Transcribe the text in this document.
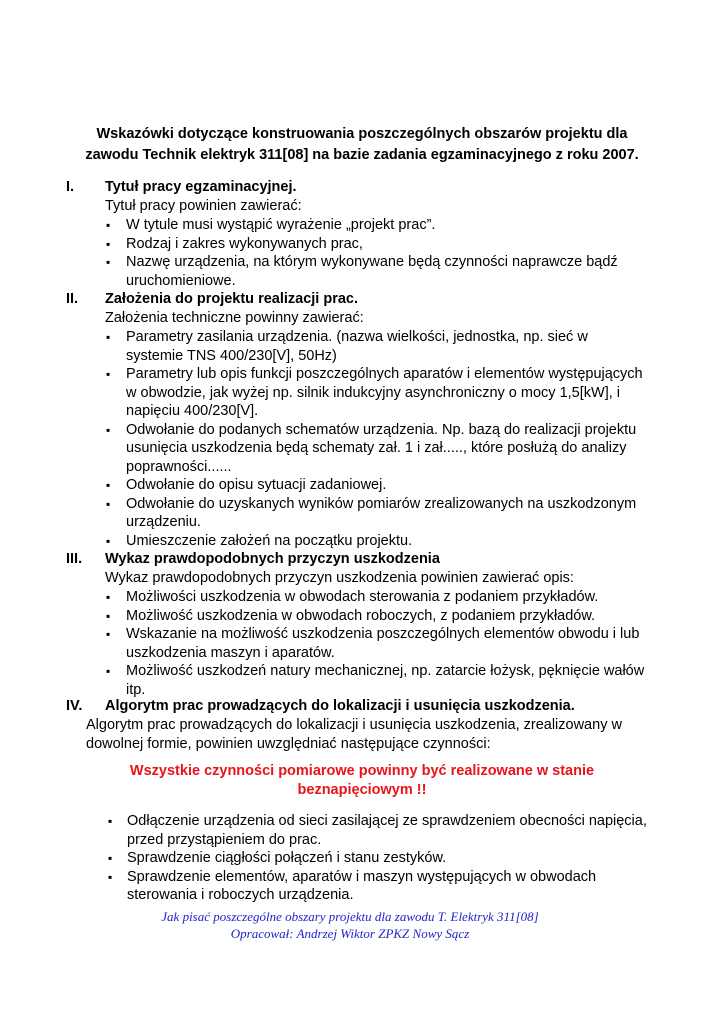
Wskazówki dotyczące konstruowania poszczególnych obszarów projektu dla
zawodu Technik elektryk 311[08] na bazie zadania egzaminacyjnego z roku 2007.
I. Tytuł pracy egzaminacyjnej.
Tytuł pracy powinien zawierać:
▪ W tytule musi wystąpić wyrażenie „projekt prac”.
▪ Rodzaj i zakres wykonywanych prac,
▪ Nazwę urządzenia, na którym wykonywane będą czynności naprawcze bądź uruchomieniowe.
II. Założenia do projektu realizacji prac.
Założenia techniczne powinny zawierać:
▪ Parametry zasilania urządzenia. (nazwa wielkości, jednostka, np. sieć w systemie TNS 400/230[V], 50Hz)
▪ Parametry lub opis funkcji poszczególnych aparatów i elementów występujących w obwodzie, jak wyżej np. silnik indukcyjny asynchroniczny o mocy 1,5[kW], i napięciu 400/230[V].
▪ Odwołanie do podanych schematów urządzenia. Np. bazą do realizacji projektu usunięcia uszkodzenia będą schematy zał. 1 i zał....., które posłużą do analizy poprawności......
▪ Odwołanie do opisu sytuacji zadaniowej.
▪ Odwołanie do uzyskanych wyników pomiarów zrealizowanych na uszkodzonym urządzeniu.
▪ Umieszczenie założeń na początku projektu.
III. Wykaz prawdopodobnych przyczyn uszkodzenia
Wykaz prawdopodobnych przyczyn uszkodzenia powinien zawierać opis:
▪ Możliwości uszkodzenia w obwodach sterowania z podaniem przykładów.
▪ Możliwość uszkodzenia w obwodach roboczych, z podaniem przykładów.
▪ Wskazanie na możliwość uszkodzenia poszczególnych elementów obwodu i lub uszkodzenia maszyn i aparatów.
▪ Możliwość uszkodzeń natury mechanicznej, np. zatarcie łożysk, pęknięcie wałów itp.
IV. Algorytm prac prowadzących do lokalizacji i usunięcia uszkodzenia.
Algorytm prac prowadzących do lokalizacji i usunięcia uszkodzenia, zrealizowany w dowolnej formie, powinien uwzględniać następujące czynności:
Wszystkie czynności pomiarowe powinny być realizowane w stanie
beznapięciowym !!
▪ Odłączenie urządzenia od sieci zasilającej ze sprawdzeniem obecności napięcia, przed przystąpieniem do prac.
▪ Sprawdzenie ciągłości połączeń i stanu zestyków.
▪ Sprawdzenie elementów, aparatów i maszyn występujących w obwodach sterowania i roboczych urządzenia.
Jak pisać poszczególne obszary projektu dla zawodu T. Elektryk 311[08]
Opracował: Andrzej Wiktor ZPKZ Nowy Sącz
